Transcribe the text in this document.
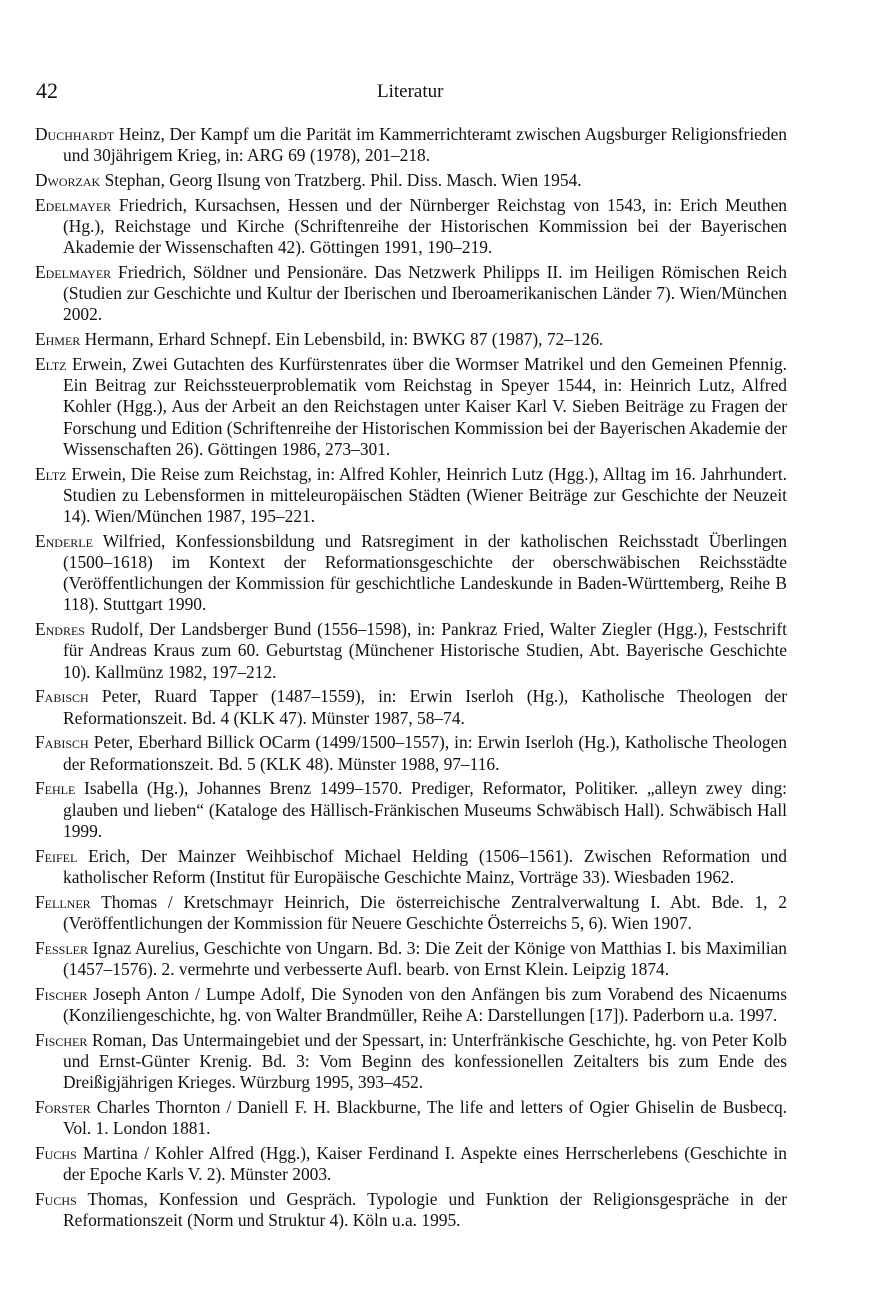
42	Literatur
Duchhardt Heinz, Der Kampf um die Parität im Kammerrichteramt zwischen Augsburger Religionsfrieden und 30jährigem Krieg, in: ARG 69 (1978), 201–218.
Dworzak Stephan, Georg Ilsung von Tratzberg. Phil. Diss. Masch. Wien 1954.
Edelmayer Friedrich, Kursachsen, Hessen und der Nürnberger Reichstag von 1543, in: Erich Meuthen (Hg.), Reichstage und Kirche (Schriftenreihe der Historischen Kommission bei der Bayerischen Akademie der Wissenschaften 42). Göttingen 1991, 190–219.
Edelmayer Friedrich, Söldner und Pensionäre. Das Netzwerk Philipps II. im Heiligen Römischen Reich (Studien zur Geschichte und Kultur der Iberischen und Iberoamerikanischen Länder 7). Wien/München 2002.
Ehmer Hermann, Erhard Schnepf. Ein Lebensbild, in: BWKG 87 (1987), 72–126.
Eltz Erwein, Zwei Gutachten des Kurfürstenrates über die Wormser Matrikel und den Gemeinen Pfennig. Ein Beitrag zur Reichssteuerproblematik vom Reichstag in Speyer 1544, in: Heinrich Lutz, Alfred Kohler (Hgg.), Aus der Arbeit an den Reichstagen unter Kaiser Karl V. Sieben Beiträge zu Fragen der Forschung und Edition (Schriftenreihe der Historischen Kommission bei der Bayerischen Akademie der Wissenschaften 26). Göttingen 1986, 273–301.
Eltz Erwein, Die Reise zum Reichstag, in: Alfred Kohler, Heinrich Lutz (Hgg.), Alltag im 16. Jahrhundert. Studien zu Lebensformen in mitteleuropäischen Städten (Wiener Beiträge zur Geschichte der Neuzeit 14). Wien/München 1987, 195–221.
Enderle Wilfried, Konfessionsbildung und Ratsregiment in der katholischen Reichsstadt Überlingen (1500–1618) im Kontext der Reformationsgeschichte der oberschwäbischen Reichsstädte (Veröffentlichungen der Kommission für geschichtliche Landeskunde in Baden-Württemberg, Reihe B 118). Stuttgart 1990.
Endres Rudolf, Der Landsberger Bund (1556–1598), in: Pankraz Fried, Walter Ziegler (Hgg.), Festschrift für Andreas Kraus zum 60. Geburtstag (Münchener Historische Studien, Abt. Bayerische Geschichte 10). Kallmünz 1982, 197–212.
Fabisch Peter, Ruard Tapper (1487–1559), in: Erwin Iserloh (Hg.), Katholische Theologen der Reformationszeit. Bd. 4 (KLK 47). Münster 1987, 58–74.
Fabisch Peter, Eberhard Billick OCarm (1499/1500–1557), in: Erwin Iserloh (Hg.), Katholische Theologen der Reformationszeit. Bd. 5 (KLK 48). Münster 1988, 97–116.
Fehle Isabella (Hg.), Johannes Brenz 1499–1570. Prediger, Reformator, Politiker. „alleyn zwey ding: glauben und lieben“ (Kataloge des Hällisch-Fränkischen Museums Schwäbisch Hall). Schwäbisch Hall 1999.
Feifel Erich, Der Mainzer Weihbischof Michael Helding (1506–1561). Zwischen Reformation und katholischer Reform (Institut für Europäische Geschichte Mainz, Vorträge 33). Wiesbaden 1962.
Fellner Thomas / Kretschmayr Heinrich, Die österreichische Zentralverwaltung I. Abt. Bde. 1, 2 (Veröffentlichungen der Kommission für Neuere Geschichte Österreichs 5, 6). Wien 1907.
Fessler Ignaz Aurelius, Geschichte von Ungarn. Bd. 3: Die Zeit der Könige von Matthias I. bis Maximilian (1457–1576). 2. vermehrte und verbesserte Aufl. bearb. von Ernst Klein. Leipzig 1874.
Fischer Joseph Anton / Lumpe Adolf, Die Synoden von den Anfängen bis zum Vorabend des Nicaenums (Konziliengeschichte, hg. von Walter Brandmüller, Reihe A: Darstellungen [17]). Paderborn u.a. 1997.
Fischer Roman, Das Untermaingebiet und der Spessart, in: Unterfränkische Geschichte, hg. von Peter Kolb und Ernst-Günter Krenig. Bd. 3: Vom Beginn des konfessionellen Zeitalters bis zum Ende des Dreißigjährigen Krieges. Würzburg 1995, 393–452.
Forster Charles Thornton / Daniell F. H. Blackburne, The life and letters of Ogier Ghiselin de Busbecq. Vol. 1. London 1881.
Fuchs Martina / Kohler Alfred (Hgg.), Kaiser Ferdinand I. Aspekte eines Herrscherlebens (Geschichte in der Epoche Karls V. 2). Münster 2003.
Fuchs Thomas, Konfession und Gespräch. Typologie und Funktion der Religionsgespräche in der Reformationszeit (Norm und Struktur 4). Köln u.a. 1995.
